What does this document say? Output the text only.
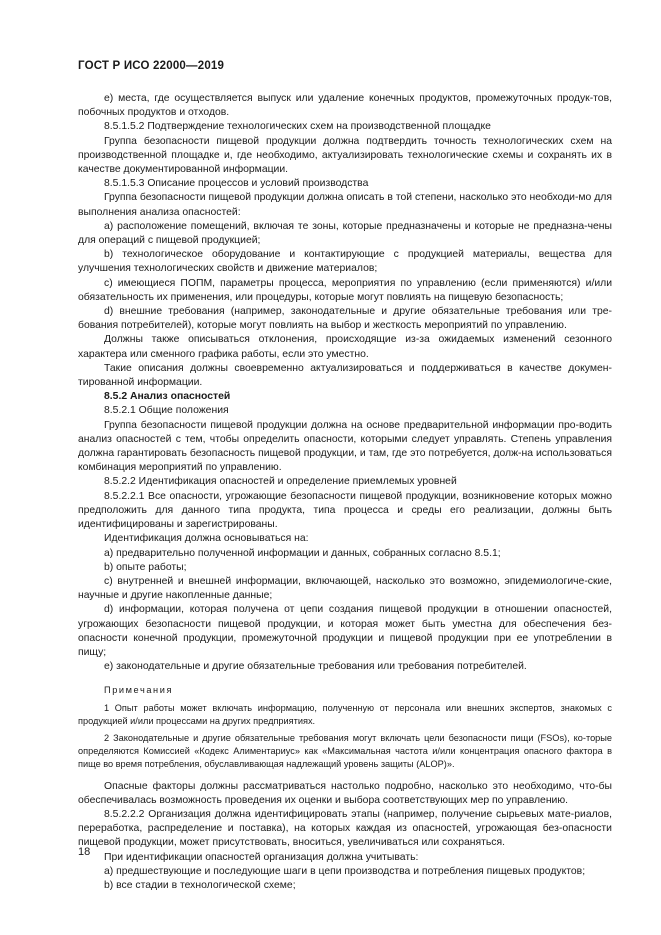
ГОСТ Р ИСО 22000—2019

е) места, где осуществляется выпуск или удаление конечных продуктов, промежуточных продук-тов, побочных продуктов и отходов.

8.5.1.5.2 Подтверждение технологических схем на производственной площадке

Группа безопасности пищевой продукции должна подтвердить точность технологических схем на производственной площадке и, где необходимо, актуализировать технологические схемы и сохранять их в качестве документированной информации.

8.5.1.5.3 Описание процессов и условий производства

Группа безопасности пищевой продукции должна описать в той степени, насколько это необходи-мо для выполнения анализа опасностей:

а) расположение помещений, включая те зоны, которые предназначены и которые не предназна-чены для операций с пищевой продукцией;

b) технологическое оборудование и контактирующие с продукцией материалы, вещества для улучшения технологических свойств и движение материалов;

с) имеющиеся ПОПМ, параметры процесса, мероприятия по управлению (если применяются) и/или обязательность их применения, или процедуры, которые могут повлиять на пищевую безопасность;

d) внешние требования (например, законодательные и другие обязательные требования или тре-бования потребителей), которые могут повлиять на выбор и жесткость мероприятий по управлению.

Должны также описываться отклонения, происходящие из-за ожидаемых изменений сезонного характера или сменного графика работы, если это уместно.

Такие описания должны своевременно актуализироваться и поддерживаться в качестве докумен-тированной информации.

8.5.2 Анализ опасностей

8.5.2.1 Общие положения

Группа безопасности пищевой продукции должна на основе предварительной информации про-водить анализ опасностей с тем, чтобы определить опасности, которыми следует управлять. Степень управления должна гарантировать безопасность пищевой продукции, и там, где это потребуется, долж-на использоваться комбинация мероприятий по управлению.

8.5.2.2 Идентификация опасностей и определение приемлемых уровней

8.5.2.2.1 Все опасности, угрожающие безопасности пищевой продукции, возникновение которых можно предположить для данного типа продукта, типа процесса и среды его реализации, должны быть идентифицированы и зарегистрированы.

Идентификация должна основываться на:

а) предварительно полученной информации и данных, собранных согласно 8.5.1;

b) опыте работы;

с) внутренней и внешней информации, включающей, насколько это возможно, эпидемиологиче-ские, научные и другие накопленные данные;

d) информации, которая получена от цепи создания пищевой продукции в отношении опасностей, угрожающих безопасности пищевой продукции, и которая может быть уместна для обеспечения без-опасности конечной продукции, промежуточной продукции и пищевой продукции при ее употреблении в пищу;

е) законодательные и другие обязательные требования или требования потребителей.

Примечания

1 Опыт работы может включать информацию, полученную от персонала или внешних экспертов, знакомых с продукцией и/или процессами на других предприятиях.

2 Законодательные и другие обязательные требования могут включать цели безопасности пищи (FSOs), ко-торые определяются Комиссией «Кодекс Алиментариус» как «Максимальная частота и/или концентрация опасного фактора в пище во время потребления, обуславливающая надлежащий уровень защиты (ALOP)».

Опасные факторы должны рассматриваться настолько подробно, насколько это необходимо, что-бы обеспечивалась возможность проведения их оценки и выбора соответствующих мер по управлению.

8.5.2.2.2 Организация должна идентифицировать этапы (например, получение сырьевых мате-риалов, переработка, распределение и поставка), на которых каждая из опасностей, угрожающая без-опасности пищевой продукции, может присутствовать, вноситься, увеличиваться или сохраняться.

При идентификации опасностей организация должна учитывать:

а) предшествующие и последующие шаги в цепи производства и потребления пищевых продуктов;

b) все стадии в технологической схеме;

18
